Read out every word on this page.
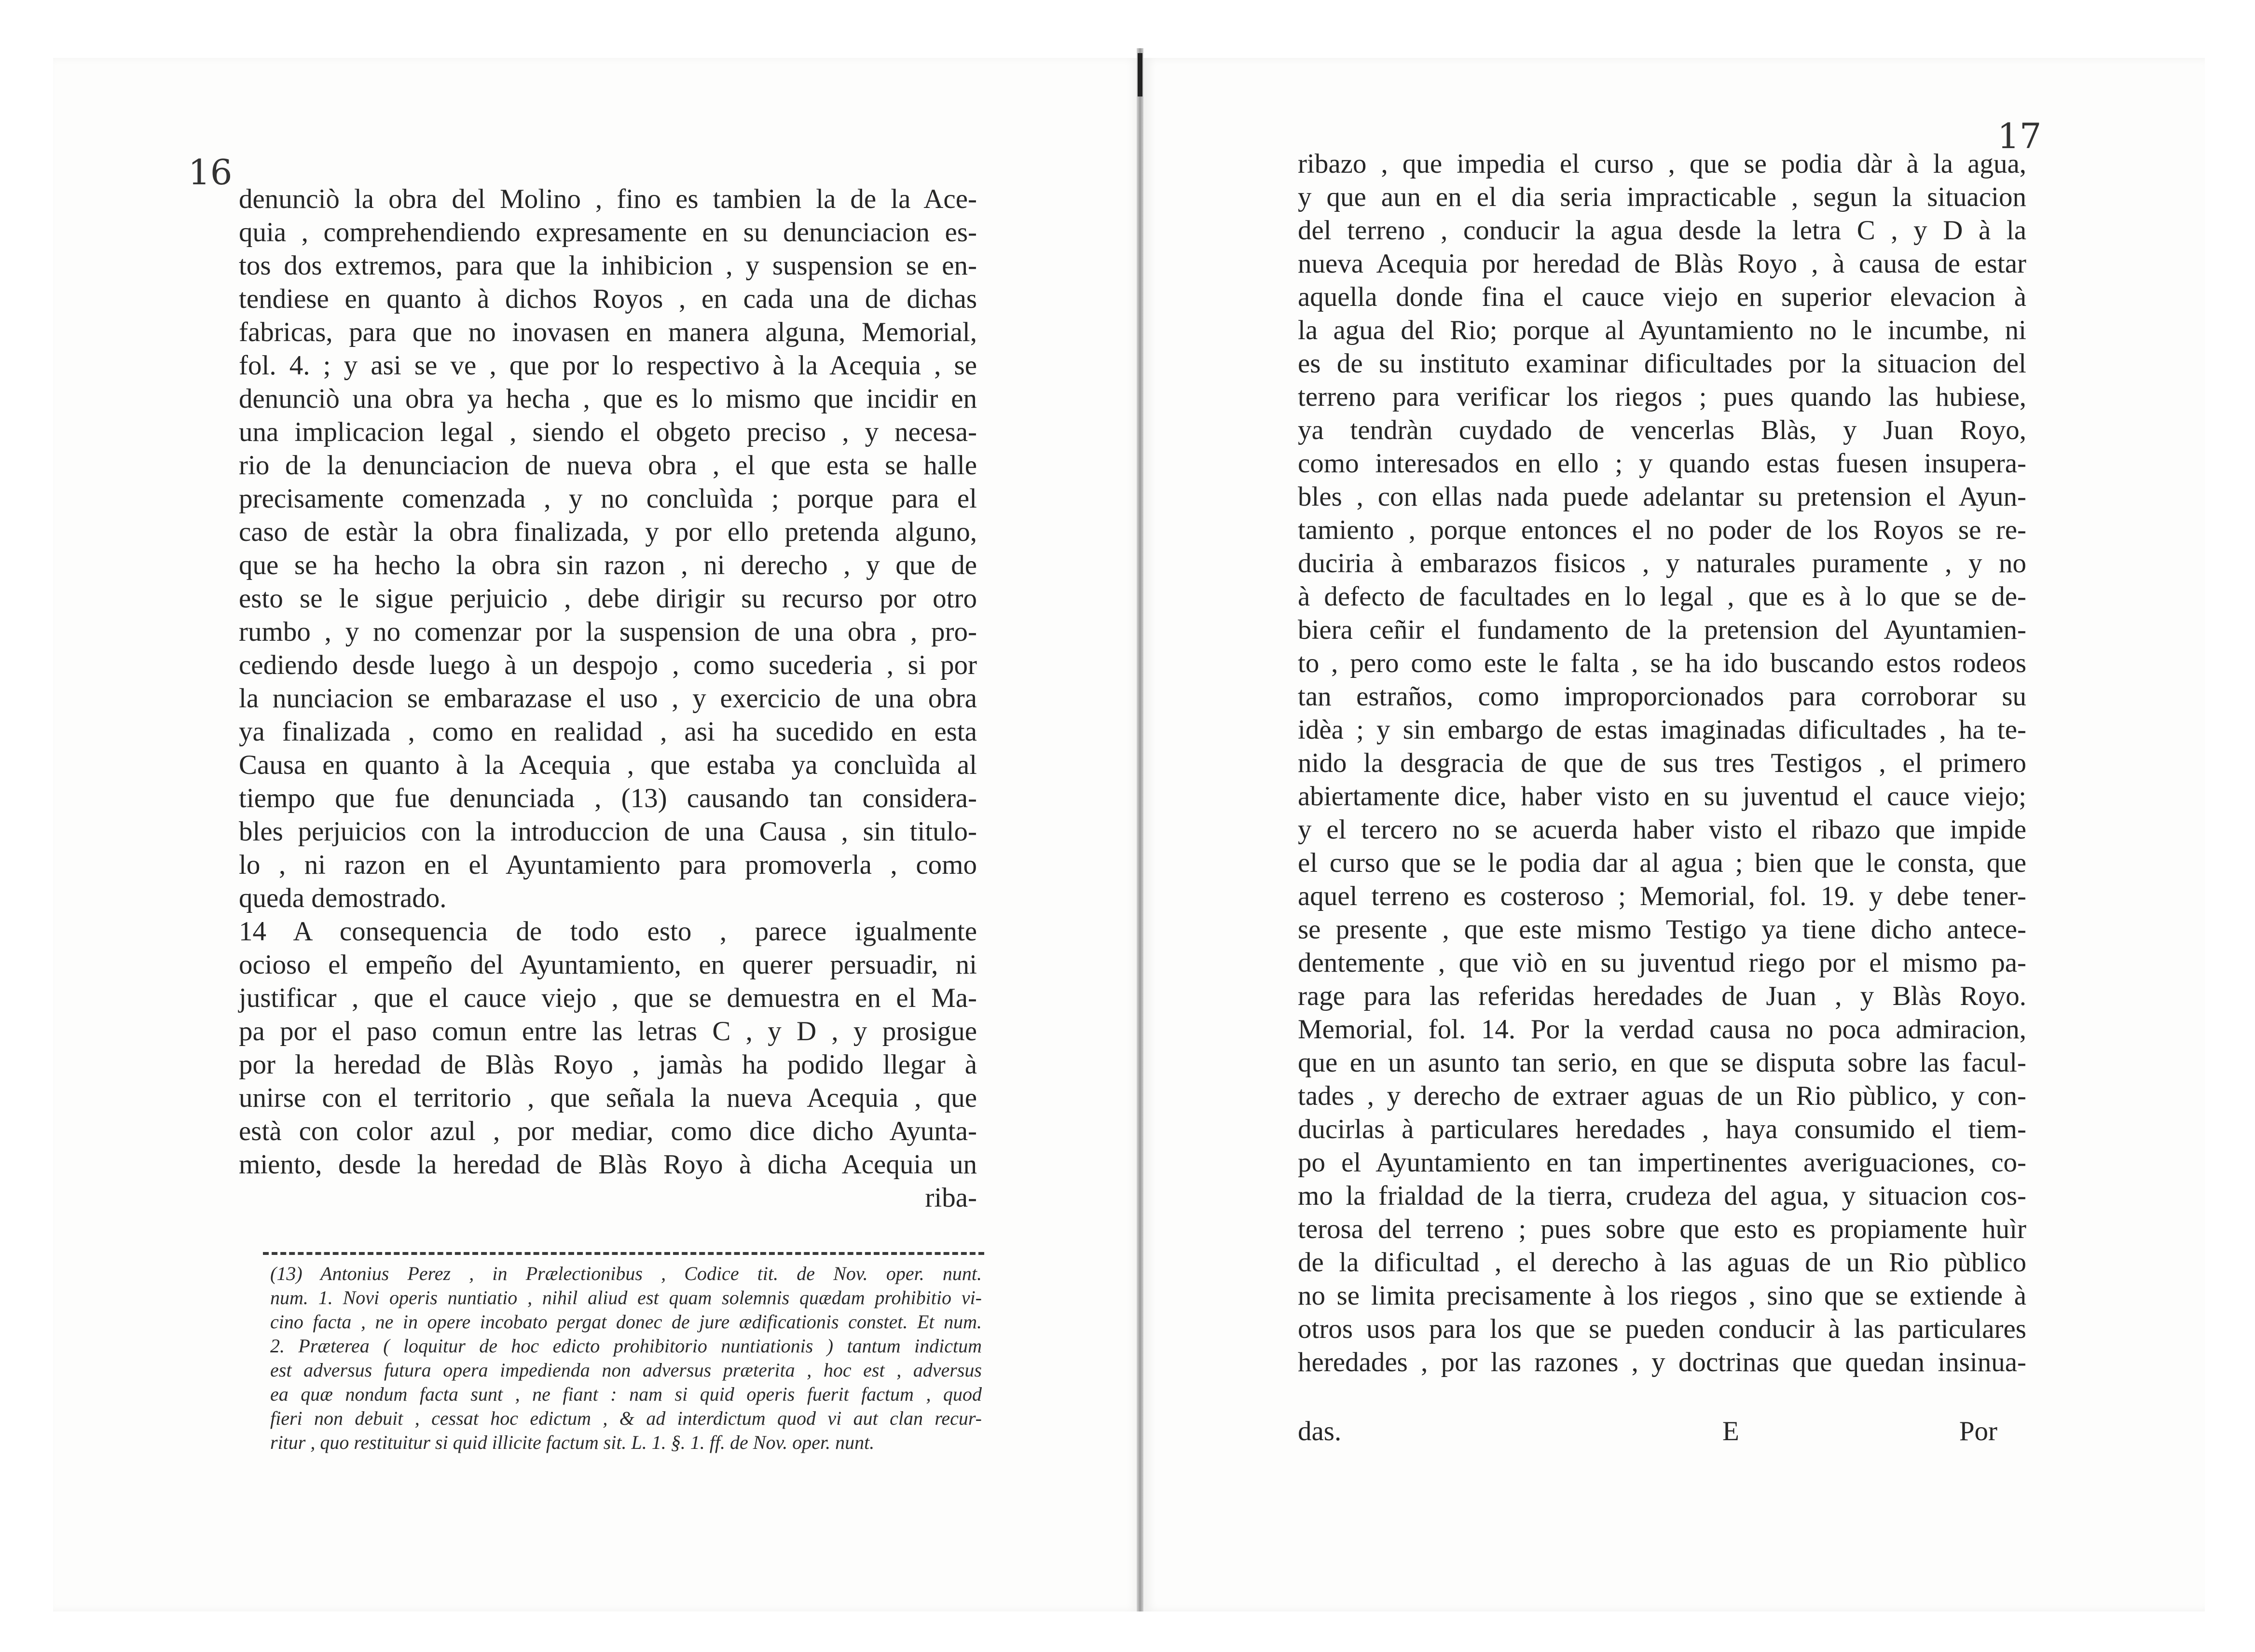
16
17
denunciò la obra del Molino , fino es tambien la de la Ace-
quia , comprehendiendo expresamente en su denunciacion es-
tos dos extremos, para que la inhibicion , y suspension se en-
tendiese en quanto à dichos Royos , en cada una de dichas
fabricas, para que no inovasen en manera alguna, Memorial,
fol. 4. ; y asi se ve , que por lo respectivo à la Acequia , se
denunciò una obra ya hecha , que es lo mismo que incidir en
una implicacion legal , siendo el obgeto preciso , y necesa-
rio de la denunciacion de nueva obra , el que esta se halle
precisamente comenzada , y no concluìda ; porque para el
caso de estàr la obra finalizada, y por ello pretenda alguno,
que se ha hecho la obra sin razon , ni derecho , y que de
esto se le sigue perjuicio , debe dirigir su recurso por otro
rumbo , y no comenzar por la suspension de una obra , pro-
cediendo desde luego à un despojo , como sucederia , si por
la nunciacion se embarazase el uso , y exercicio de una obra
ya finalizada , como en realidad , asi ha sucedido en esta
Causa en quanto à la Acequia , que estaba ya concluìda al
tiempo que fue denunciada , (13) causando tan considera-
bles perjuicios con la introduccion de una Causa , sin titulo-
lo , ni razon en el Ayuntamiento para promoverla , como
queda demostrado.
14 A consequencia de todo esto , parece igualmente
ocioso el empeño del Ayuntamiento, en querer persuadir, ni
justificar , que el cauce viejo , que se demuestra en el Ma-
pa por el paso comun entre las letras C , y D , y prosigue
por la heredad de Blàs Royo , jamàs ha podido llegar à
unirse con el territorio , que señala la nueva Acequia , que
està con color azul , por mediar, como dice dicho Ayunta-
miento, desde la heredad de Blàs Royo à dicha Acequia un
riba-
(13) Antonius Perez , in Prælectionibus , Codice tit. de Nov. oper. nunt.
num. 1. Novi operis nuntiatio , nihil aliud est quam solemnis quædam prohibitio vi-
cino facta , ne in opere incobato pergat donec de jure ædificationis constet. Et num.
2. Præterea ( loquitur de hoc edicto prohibitorio nuntiationis ) tantum indictum
est adversus futura opera impedienda non adversus præterita , hoc est , adversus
ea quæ nondum facta sunt , ne fiant : nam si quid operis fuerit factum , quod
fieri non debuit , cessat hoc edictum , & ad interdictum quod vi aut clan recur-
ritur , quo restituitur si quid illicite factum sit. L. 1. §. 1. ff. de Nov. oper. nunt.
ribazo , que impedia el curso , que se podia dàr à la agua,
y que aun en el dia seria impracticable , segun la situacion
del terreno , conducir la agua desde la letra C , y D à la
nueva Acequia por heredad de Blàs Royo , à causa de estar
aquella donde fina el cauce viejo en superior elevacion à
la agua del Rio; porque al Ayuntamiento no le incumbe, ni
es de su instituto examinar dificultades por la situacion del
terreno para verificar los riegos ; pues quando las hubiese,
ya tendràn cuydado de vencerlas Blàs, y Juan Royo,
como interesados en ello ; y quando estas fuesen insupera-
bles , con ellas nada puede adelantar su pretension el Ayun-
tamiento , porque entonces el no poder de los Royos se re-
duciria à embarazos fisicos , y naturales puramente , y no
à defecto de facultades en lo legal , que es à lo que se de-
biera ceñir el fundamento de la pretension del Ayuntamien-
to , pero como este le falta , se ha ido buscando estos rodeos
tan estraños, como improporcionados para corroborar su
idèa ; y sin embargo de estas imaginadas dificultades , ha te-
nido la desgracia de que de sus tres Testigos , el primero
abiertamente dice, haber visto en su juventud el cauce viejo;
y el tercero no se acuerda haber visto el ribazo que impide
el curso que se le podia dar al agua ; bien que le consta, que
aquel terreno es costeroso ; Memorial, fol. 19. y debe tener-
se presente , que este mismo Testigo ya tiene dicho antece-
dentemente , que viò en su juventud riego por el mismo pa-
rage para las referidas heredades de Juan , y Blàs Royo.
Memorial, fol. 14. Por la verdad causa no poca admiracion,
que en un asunto tan serio, en que se disputa sobre las facul-
tades , y derecho de extraer aguas de un Rio pùblico, y con-
ducirlas à particulares heredades , haya consumido el tiem-
po el Ayuntamiento en tan impertinentes averiguaciones, co-
mo la frialdad de la tierra, crudeza del agua, y situacion cos-
terosa del terreno ; pues sobre que esto es propiamente huìr
de la dificultad , el derecho à las aguas de un Rio pùblico
no se limita precisamente à los riegos , sino que se extiende à
otros usos para los que se pueden conducir à las particulares
heredades , por las razones , y doctrinas que quedan insinua-
das.	E	Por
